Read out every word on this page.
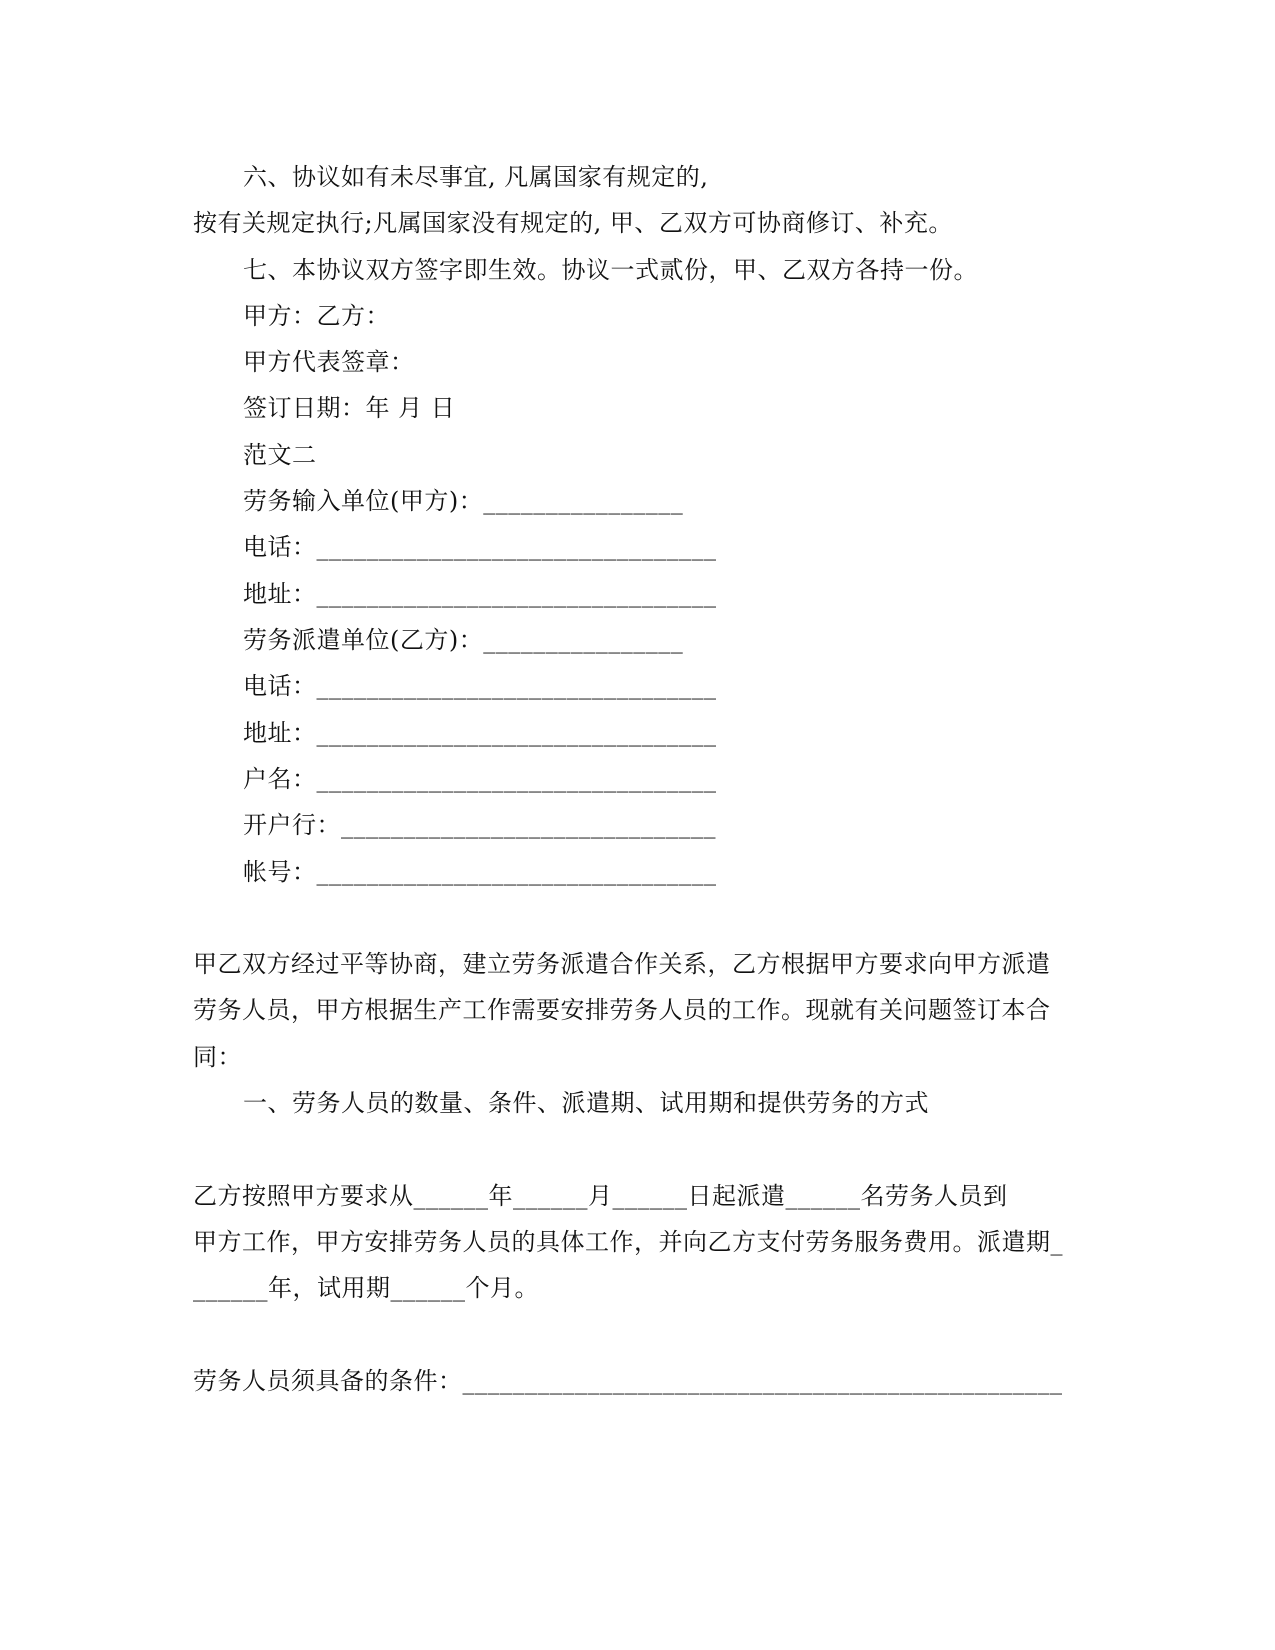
六、协议如有未尽事宜, 凡属国家有规定的,
按有关规定执行;凡属国家没有规定的, 甲、乙双方可协商修订、补充。
七、本协议双方签字即生效。协议一式贰份，甲、乙双方各持一份。
甲方：乙方：
甲方代表签章：
签订日期：年 月 日
范文二
劳务输入单位(甲方)：________________
电话：________________________________
地址：________________________________
劳务派遣单位(乙方)：________________
电话：________________________________
地址：________________________________
户名：________________________________
开户行：______________________________
帐号：________________________________
甲乙双方经过平等协商，建立劳务派遣合作关系，乙方根据甲方要求向甲方派遣
劳务人员，甲方根据生产工作需要安排劳务人员的工作。现就有关问题签订本合
同：
一、劳务人员的数量、条件、派遣期、试用期和提供劳务的方式
乙方按照甲方要求从______年______月______日起派遣______名劳务人员到
甲方工作，甲方安排劳务人员的具体工作，并向乙方支付劳务服务费用。派遣期_
______年，试用期______个月。
劳务人员须具备的条件：________________________________________________
